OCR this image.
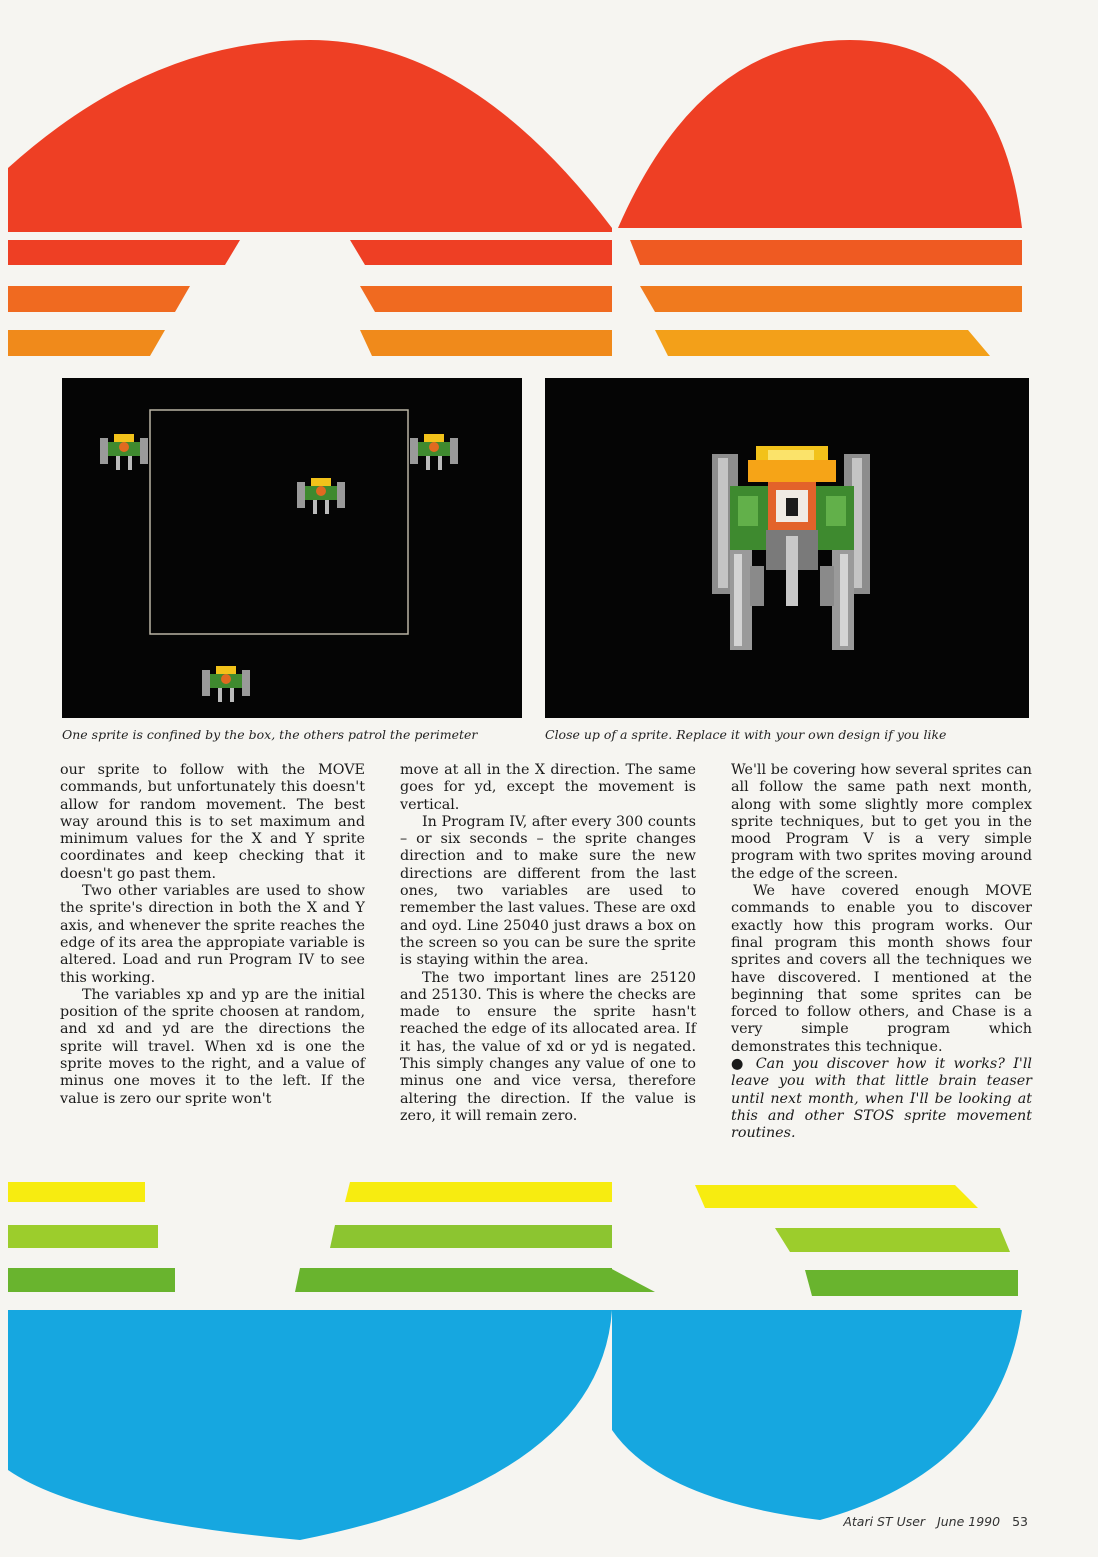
One sprite is confined by the box, the others patrol the perimeter	Close up of a sprite. Replace it with your own design if you like

our sprite to follow with the MOVE commands, but unfortunately this doesn't allow for random movement. The best way around this is to set maximum and minimum values for the X and Y sprite coordinates and keep checking that it doesn't go past them.

Two other variables are used to show the sprite's direction in both the X and Y axis, and whenever the sprite reaches the edge of its area the appropiate variable is altered. Load and run Program IV to see this working.

The variables xp and yp are the initial position of the sprite choosen at random, and xd and yd are the directions the sprite will travel. When xd is one the sprite moves to the right, and a value of minus one moves it to the left. If the value is zero our sprite won't

move at all in the X direction. The same goes for yd, except the movement is vertical.

In Program IV, after every 300 counts – or six seconds – the sprite changes direction and to make sure the new directions are different from the last ones, two variables are used to remember the last values. These are oxd and oyd. Line 25040 just draws a box on the screen so you can be sure the sprite is staying within the area.

The two important lines are 25120 and 25130. This is where the checks are made to ensure the sprite hasn't reached the edge of its allocated area. If it has, the value of xd or yd is negated. This simply changes any value of one to minus one and vice versa, therefore altering the direction. If the value is zero, it will remain zero.

We'll be covering how several sprites can all follow the same path next month, along with some slightly more complex sprite techniques, but to get you in the mood Program V is a very simple program with two sprites moving around the edge of the screen.

We have covered enough MOVE commands to enable you to discover exactly how this program works. Our final program this month shows four sprites and covers all the techniques we have discovered. I mentioned at the beginning that some sprites can be forced to follow others, and Chase is a very simple program which demonstrates this technique.

● Can you discover how it works? I'll leave you with that little brain teaser until next month, when I'll be looking at this and other STOS sprite movement routines.

Atari ST User June 1990 53
